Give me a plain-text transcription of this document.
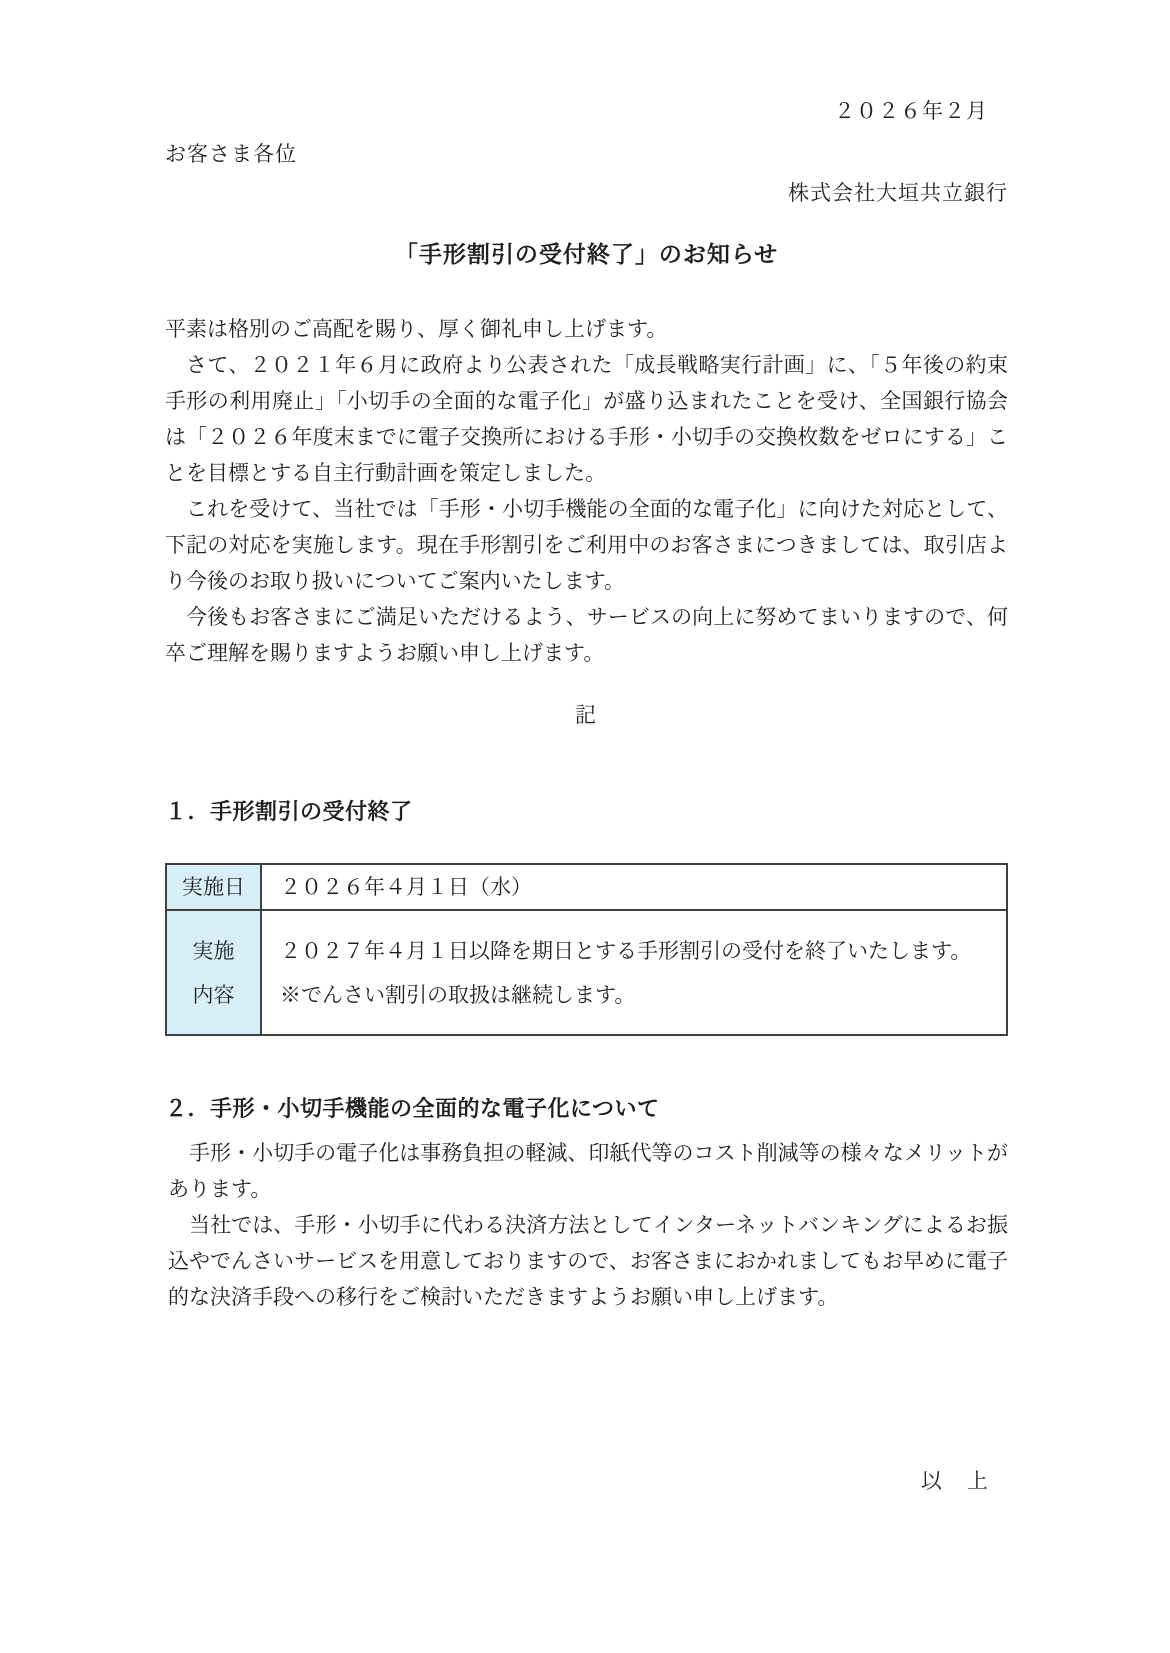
２０２６年２月
お客さま各位
株式会社大垣共立銀行
「手形割引の受付終了」のお知らせ

平素は格別のご高配を賜り、厚く御礼申し上げます。

さて、２０２１年６月に政府より公表された「成長戦略実行計画」に、「５年後の約束手形の利用廃止」「小切手の全面的な電子化」が盛り込まれたことを受け、全国銀行協会は「２０２６年度末までに電子交換所における手形・小切手の交換枚数をゼロにする」ことを目標とする自主行動計画を策定しました。

これを受けて、当社では「手形・小切手機能の全面的な電子化」に向けた対応として、下記の対応を実施します。現在手形割引をご利用中のお客さまにつきましては、取引店より今後のお取り扱いについてご案内いたします。

今後もお客さまにご満足いただけるよう、サービスの向上に努めてまいりますので、何卒ご理解を賜りますようお願い申し上げます。

記
１．手形割引の受付終了
実施日	２０２６年４月１日（水）

実施
内容	２０２７年４月１日以降を期日とする手形割引の受付を終了いたします。
※でんさい割引の取扱は継続します。
２．手形・小切手機能の全面的な電子化について

手形・小切手の電子化は事務負担の軽減、印紙代等のコスト削減等の様々なメリットがあります。

当社では、手形・小切手に代わる決済方法としてインターネットバンキングによるお振込やでんさいサービスを用意しておりますので、お客さまにおかれましてもお早めに電子的な決済手段への移行をご検討いただきますようお願い申し上げます。

以　上
